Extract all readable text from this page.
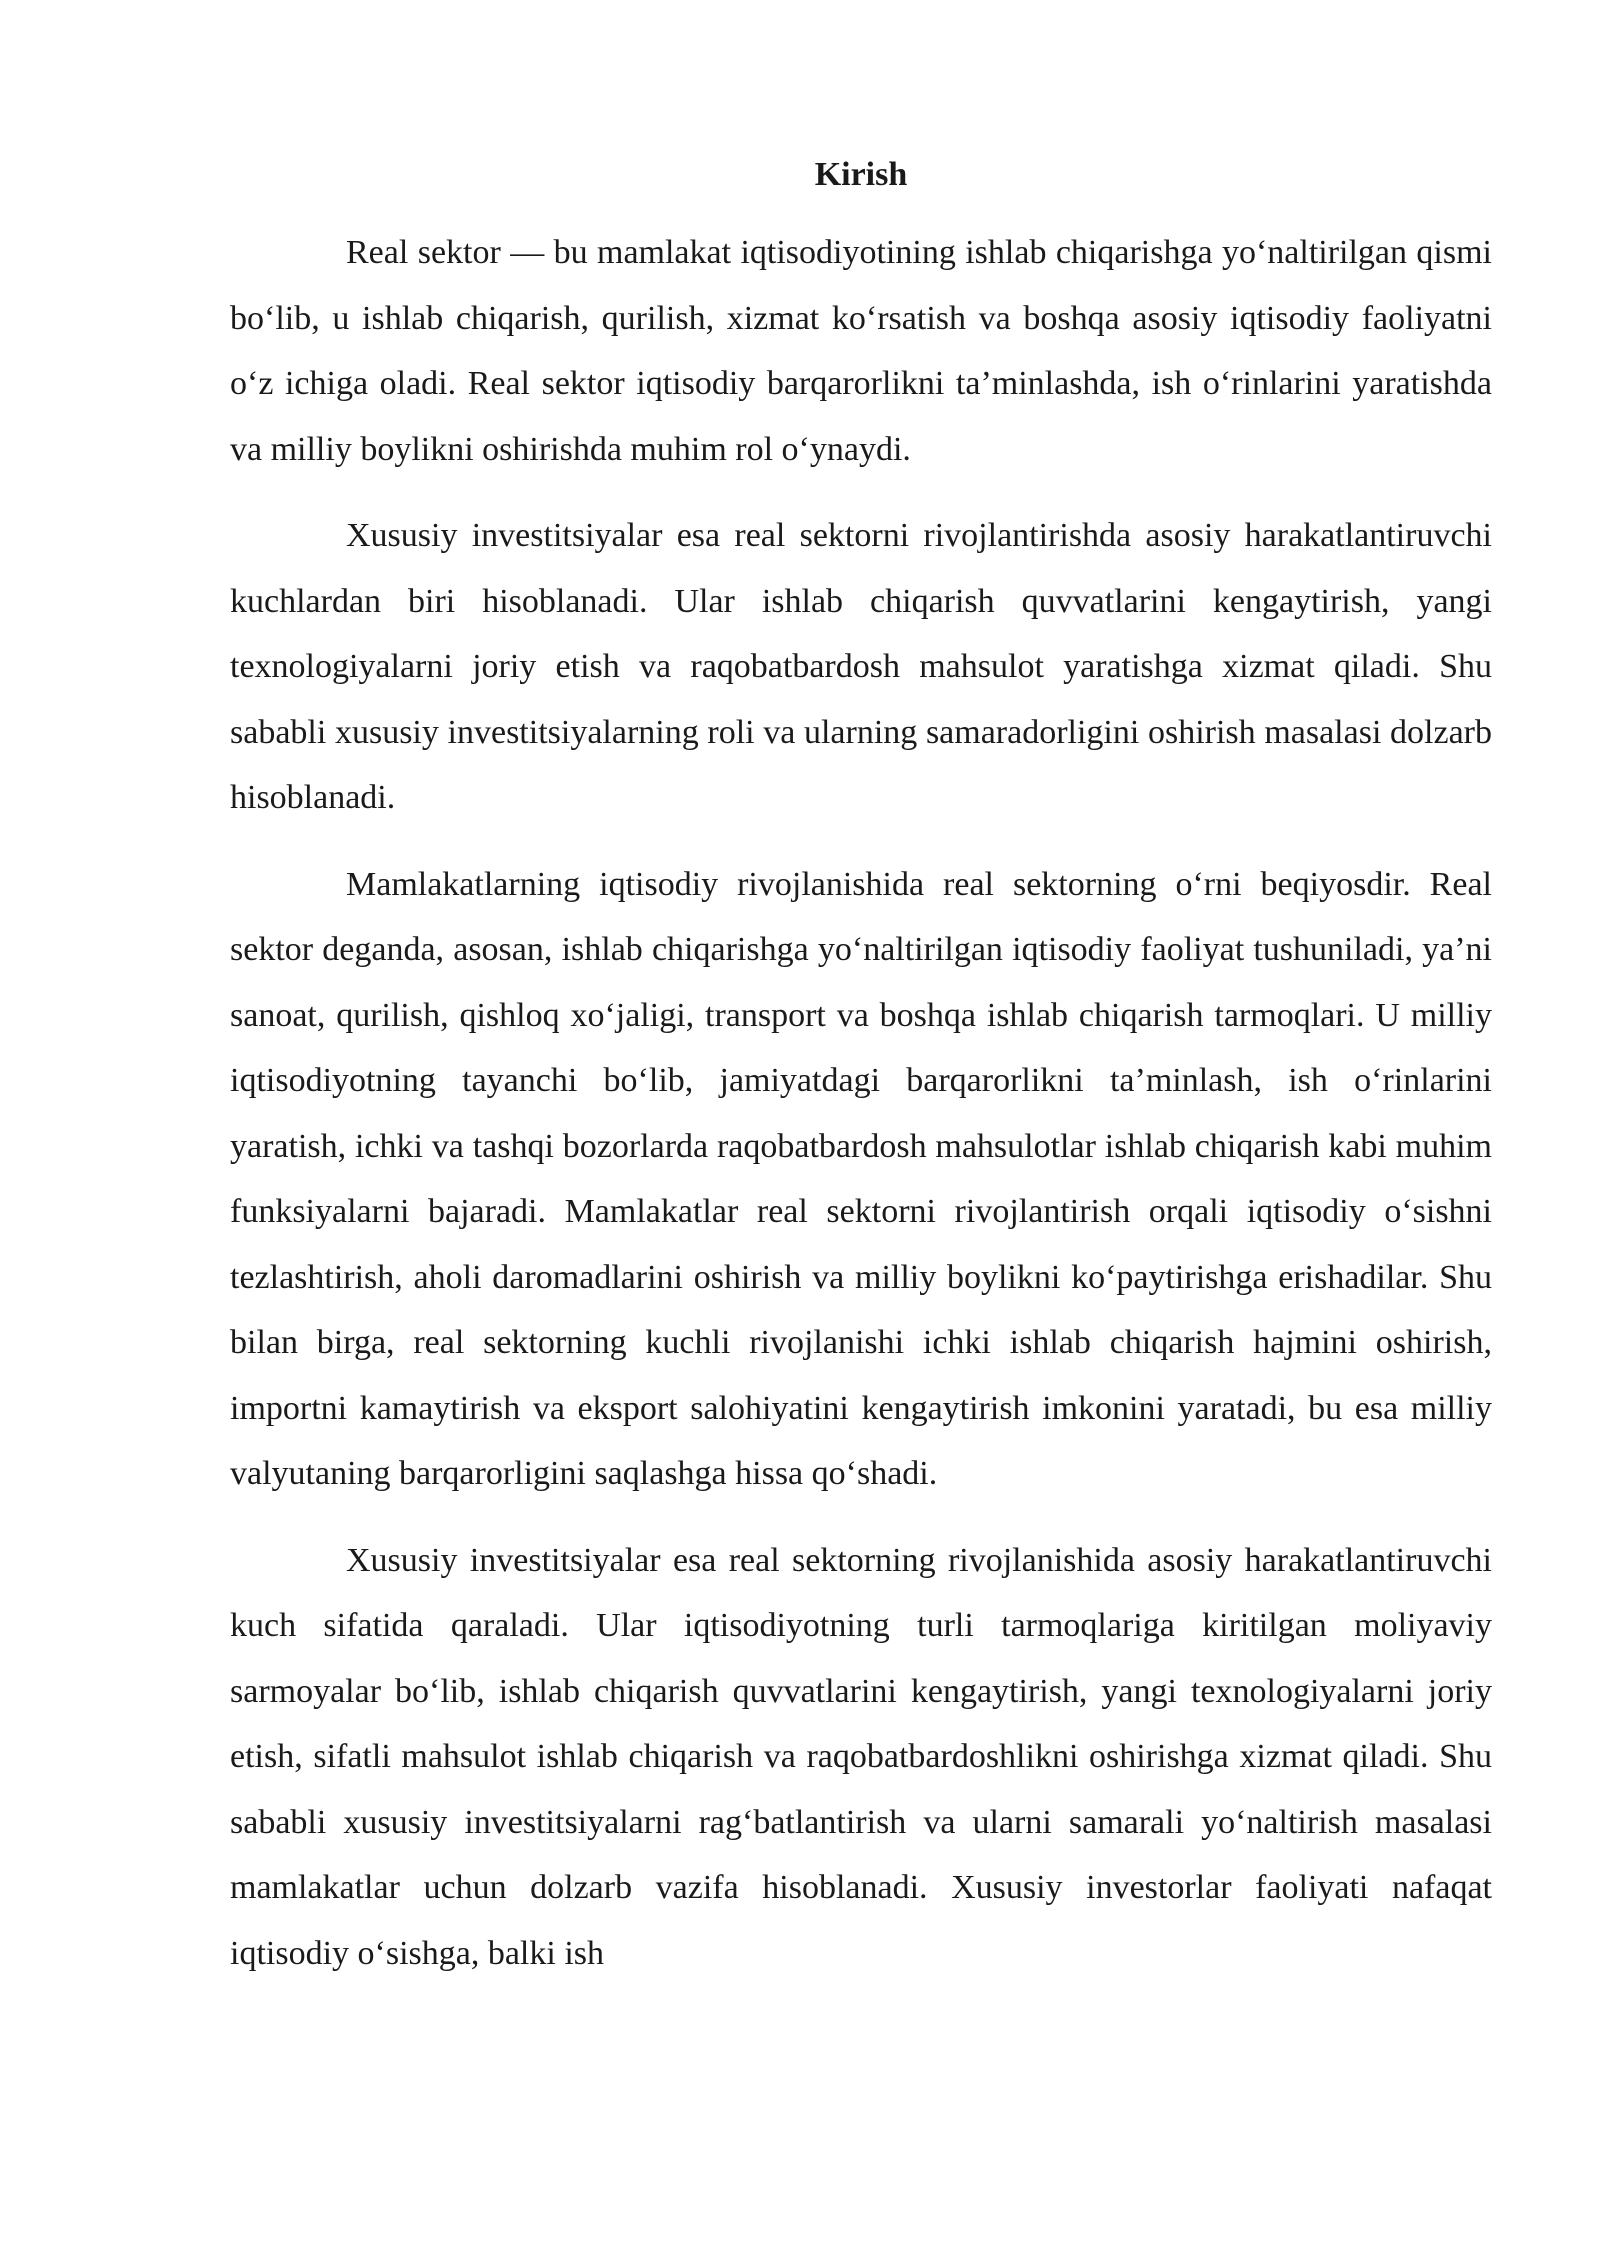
Kirish

Real sektor — bu mamlakat iqtisodiyotining ishlab chiqarishga yo‘naltirilgan qismi bo‘lib, u ishlab chiqarish, qurilish, xizmat ko‘rsatish va boshqa asosiy iqtisodiy faoliyatni o‘z ichiga oladi. Real sektor iqtisodiy barqarorlikni ta’minlashda, ish o‘rinlarini yaratishda va milliy boylikni oshirishda muhim rol o‘ynaydi.

Xususiy investitsiyalar esa real sektorni rivojlantirishda asosiy harakatlantiruvchi kuchlardan biri hisoblanadi. Ular ishlab chiqarish quvvatlarini kengaytirish, yangi texnologiyalarni joriy etish va raqobatbardosh mahsulot yaratishga xizmat qiladi. Shu sababli xususiy investitsiyalarning roli va ularning samaradorligini oshirish masalasi dolzarb hisoblanadi.

Mamlakatlarning iqtisodiy rivojlanishida real sektorning o‘rni beqiyosdir. Real sektor deganda, asosan, ishlab chiqarishga yo‘naltirilgan iqtisodiy faoliyat tushuniladi, ya’ni sanoat, qurilish, qishloq xo‘jaligi, transport va boshqa ishlab chiqarish tarmoqlari. U milliy iqtisodiyotning tayanchi bo‘lib, jamiyatdagi barqarorlikni ta’minlash, ish o‘rinlarini yaratish, ichki va tashqi bozorlarda raqobatbardosh mahsulotlar ishlab chiqarish kabi muhim funksiyalarni bajaradi. Mamlakatlar real sektorni rivojlantirish orqali iqtisodiy o‘sishni tezlashtirish, aholi daromadlarini oshirish va milliy boylikni ko‘paytirishga erishadilar. Shu bilan birga, real sektorning kuchli rivojlanishi ichki ishlab chiqarish hajmini oshirish, importni kamaytirish va eksport salohiyatini kengaytirish imkonini yaratadi, bu esa milliy valyutaning barqarorligini saqlashga hissa qo‘shadi.

Xususiy investitsiyalar esa real sektorning rivojlanishida asosiy harakatlantiruvchi kuch sifatida qaraladi. Ular iqtisodiyotning turli tarmoqlariga kiritilgan moliyaviy sarmoyalar bo‘lib, ishlab chiqarish quvvatlarini kengaytirish, yangi texnologiyalarni joriy etish, sifatli mahsulot ishlab chiqarish va raqobatbardoshlikni oshirishga xizmat qiladi. Shu sababli xususiy investitsiyalarni rag‘batlantirish va ularni samarali yo‘naltirish masalasi mamlakatlar uchun dolzarb vazifa hisoblanadi. Xususiy investorlar faoliyati nafaqat iqtisodiy o‘sishga, balki ish
